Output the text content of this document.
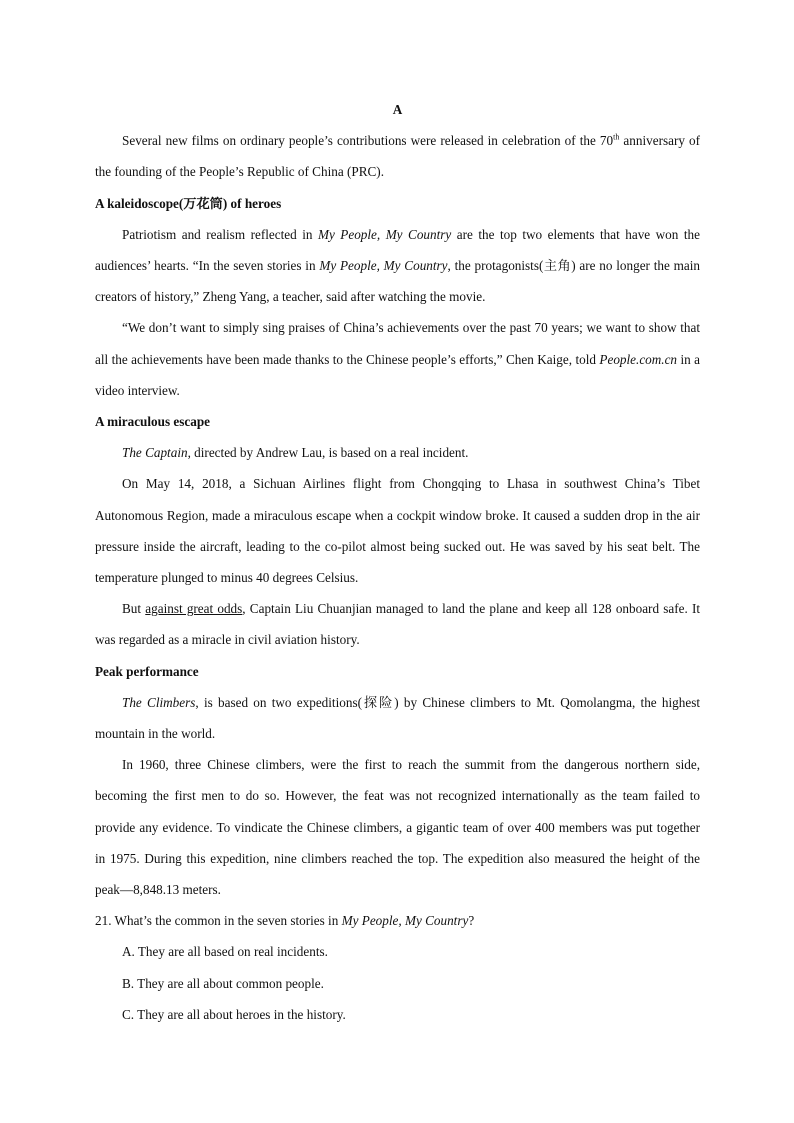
A

Several new films on ordinary people’s contributions were released in celebration of the 70th anniversary of the founding of the People’s Republic of China (PRC).

A kaleidoscope(万花筒) of heroes

Patriotism and realism reflected in My People, My Country are the top two elements that have won the audiences’ hearts. “In the seven stories in My People, My Country, the protagonists(主角) are no longer the main creators of history,” Zheng Yang, a teacher, said after watching the movie.

“We don’t want to simply sing praises of China’s achievements over the past 70 years; we want to show that all the achievements have been made thanks to the Chinese people’s efforts,” Chen Kaige, told People.com.cn in a video interview.

A miraculous escape

The Captain, directed by Andrew Lau, is based on a real incident.

On May 14, 2018, a Sichuan Airlines flight from Chongqing to Lhasa in southwest China’s Tibet Autonomous Region, made a miraculous escape when a cockpit window broke. It caused a sudden drop in the air pressure inside the aircraft, leading to the co-pilot almost being sucked out. He was saved by his seat belt. The temperature plunged to minus 40 degrees Celsius.

But against great odds, Captain Liu Chuanjian managed to land the plane and keep all 128 onboard safe. It was regarded as a miracle in civil aviation history.

Peak performance

The Climbers, is based on two expeditions(探险) by Chinese climbers to Mt. Qomolangma, the highest mountain in the world.

In 1960, three Chinese climbers, were the first to reach the summit from the dangerous northern side, becoming the first men to do so. However, the feat was not recognized internationally as the team failed to provide any evidence. To vindicate the Chinese climbers, a gigantic team of over 400 members was put together in 1975. During this expedition, nine climbers reached the top. The expedition also measured the height of the peak—8,848.13 meters.

21. What’s the common in the seven stories in My People, My Country?

A. They are all based on real incidents.

B. They are all about common people.

C. They are all about heroes in the history.
